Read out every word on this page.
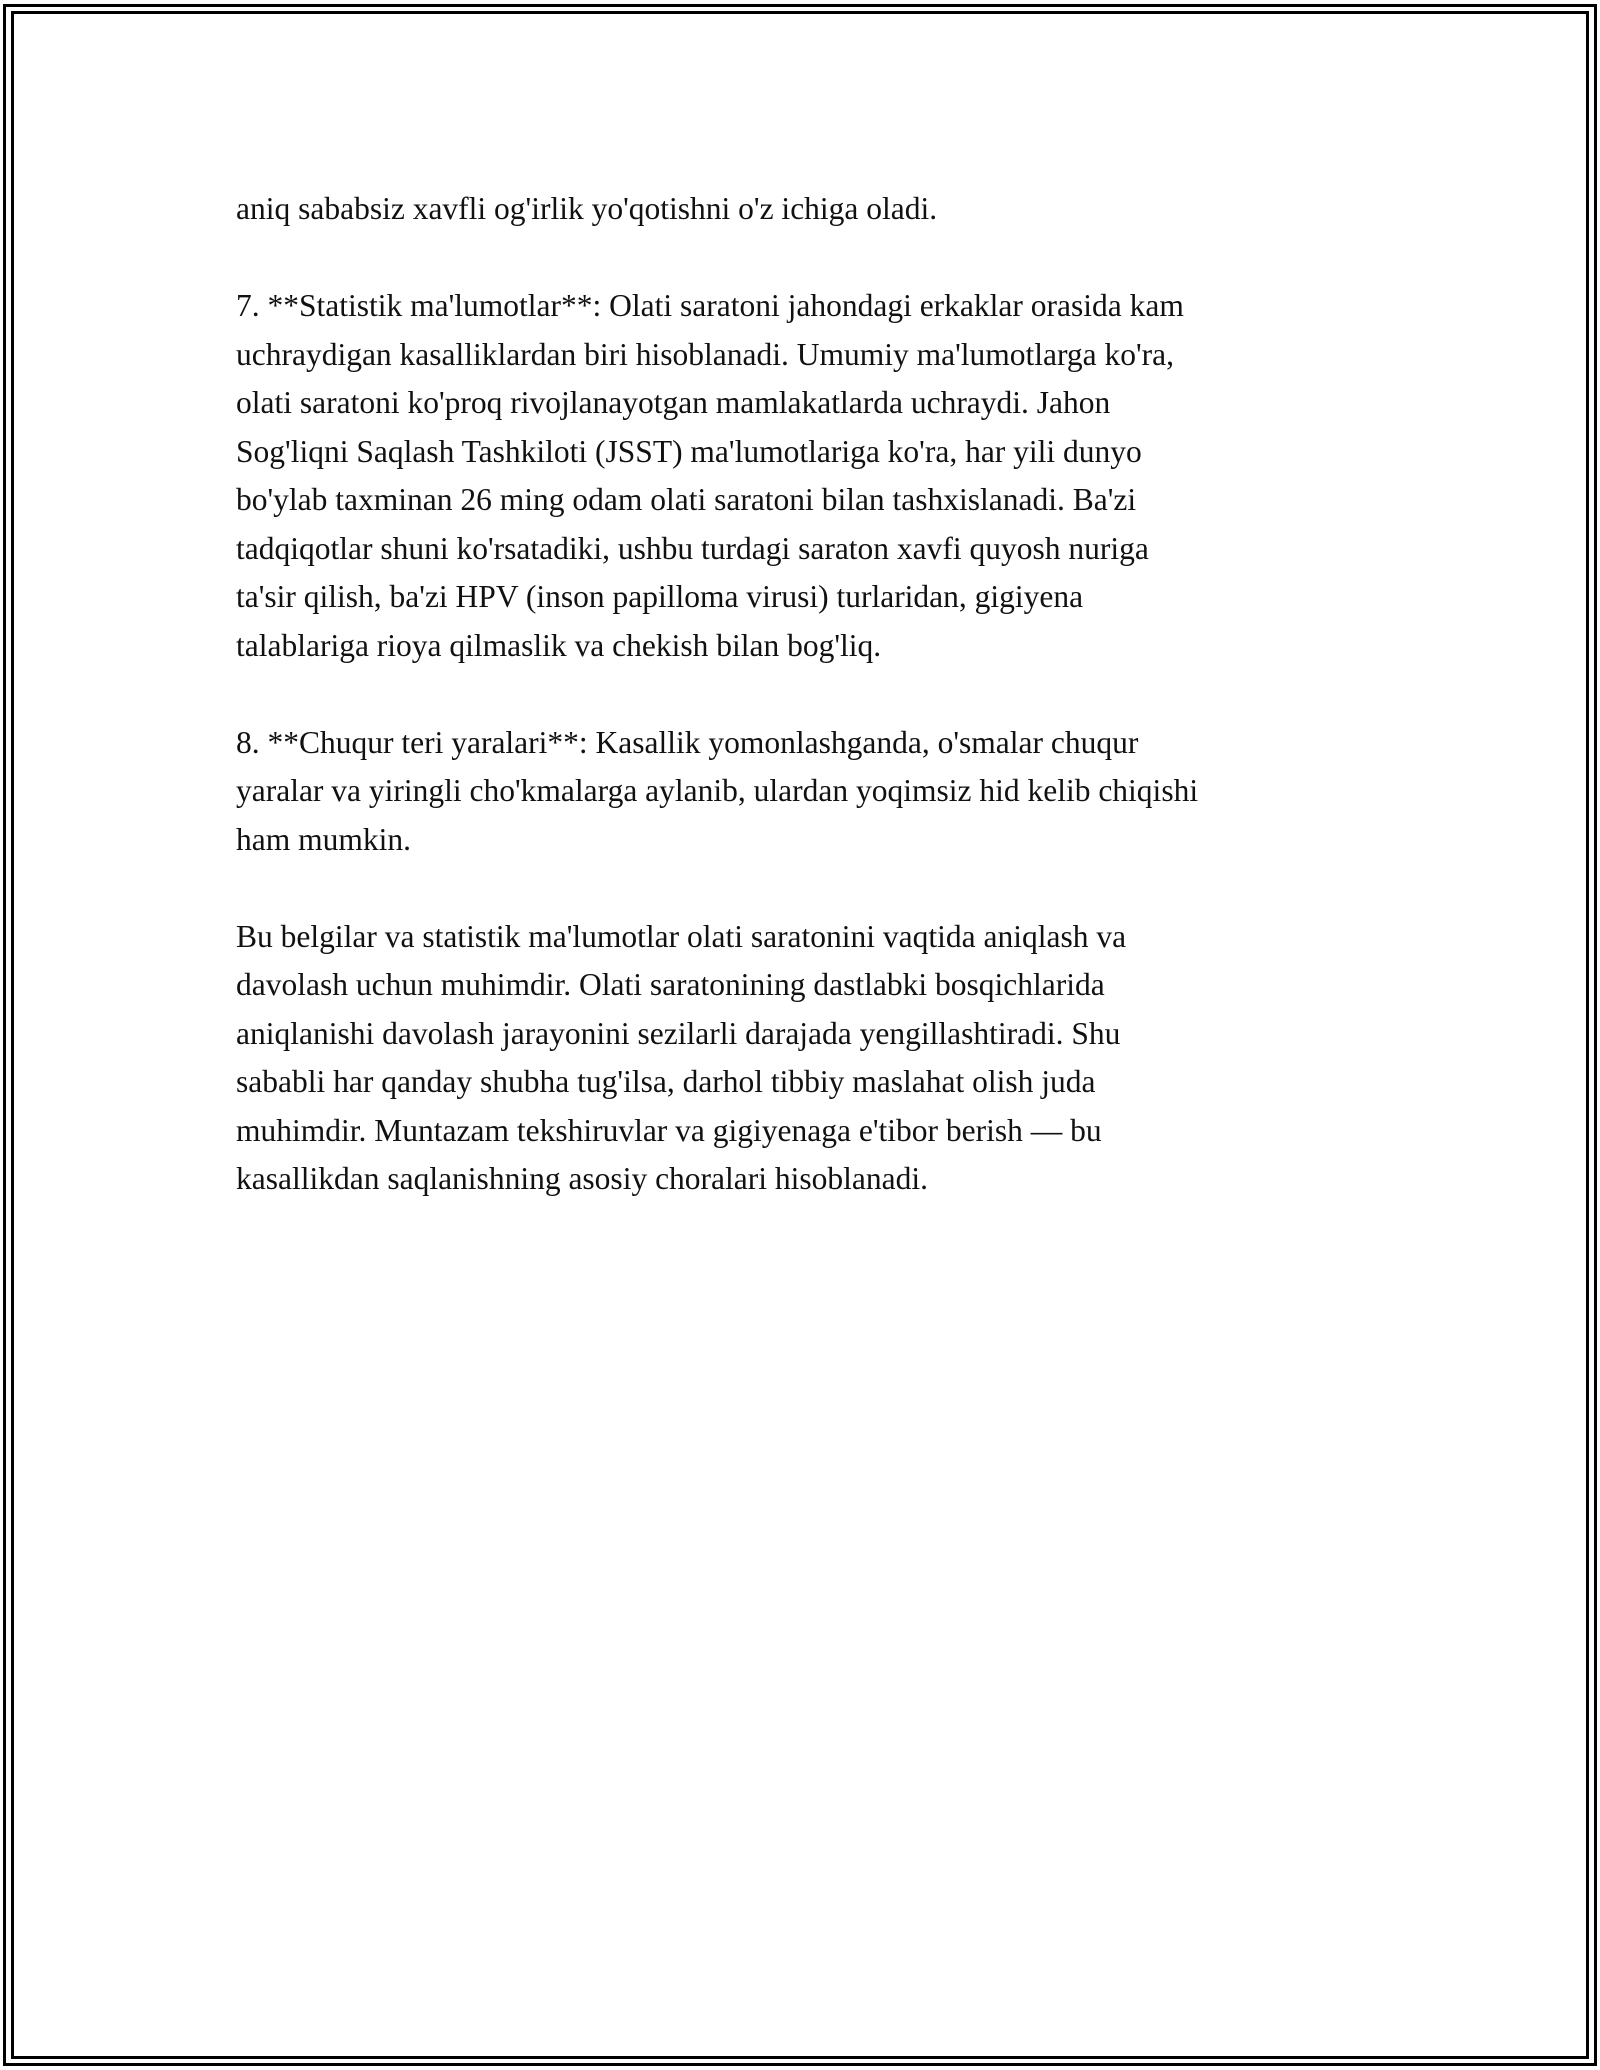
aniq sababsiz xavfli og'irlik yo'qotishni o'z ichiga oladi.

7. **Statistik ma'lumotlar**: Olati saratoni jahondagi erkaklar orasida kam
uchraydigan kasalliklardan biri hisoblanadi. Umumiy ma'lumotlarga ko'ra,
olati saratoni ko'proq rivojlanayotgan mamlakatlarda uchraydi. Jahon
Sog'liqni Saqlash Tashkiloti (JSST) ma'lumotlariga ko'ra, har yili dunyo
bo'ylab taxminan 26 ming odam olati saratoni bilan tashxislanadi. Ba'zi
tadqiqotlar shuni ko'rsatadiki, ushbu turdagi saraton xavfi quyosh nuriga
ta'sir qilish, ba'zi HPV (inson papilloma virusi) turlaridan, gigiyena
talablariga rioya qilmaslik va chekish bilan bog'liq.

8. **Chuqur teri yaralari**: Kasallik yomonlashganda, o'smalar chuqur
yaralar va yiringli cho'kmalarga aylanib, ulardan yoqimsiz hid kelib chiqishi
ham mumkin.

Bu belgilar va statistik ma'lumotlar olati saratonini vaqtida aniqlash va
davolash uchun muhimdir. Olati saratonining dastlabki bosqichlarida
aniqlanishi davolash jarayonini sezilarli darajada yengillashtiradi. Shu
sababli har qanday shubha tug'ilsa, darhol tibbiy maslahat olish juda
muhimdir. Muntazam tekshiruvlar va gigiyenaga e'tibor berish — bu
kasallikdan saqlanishning asosiy choralari hisoblanadi.
